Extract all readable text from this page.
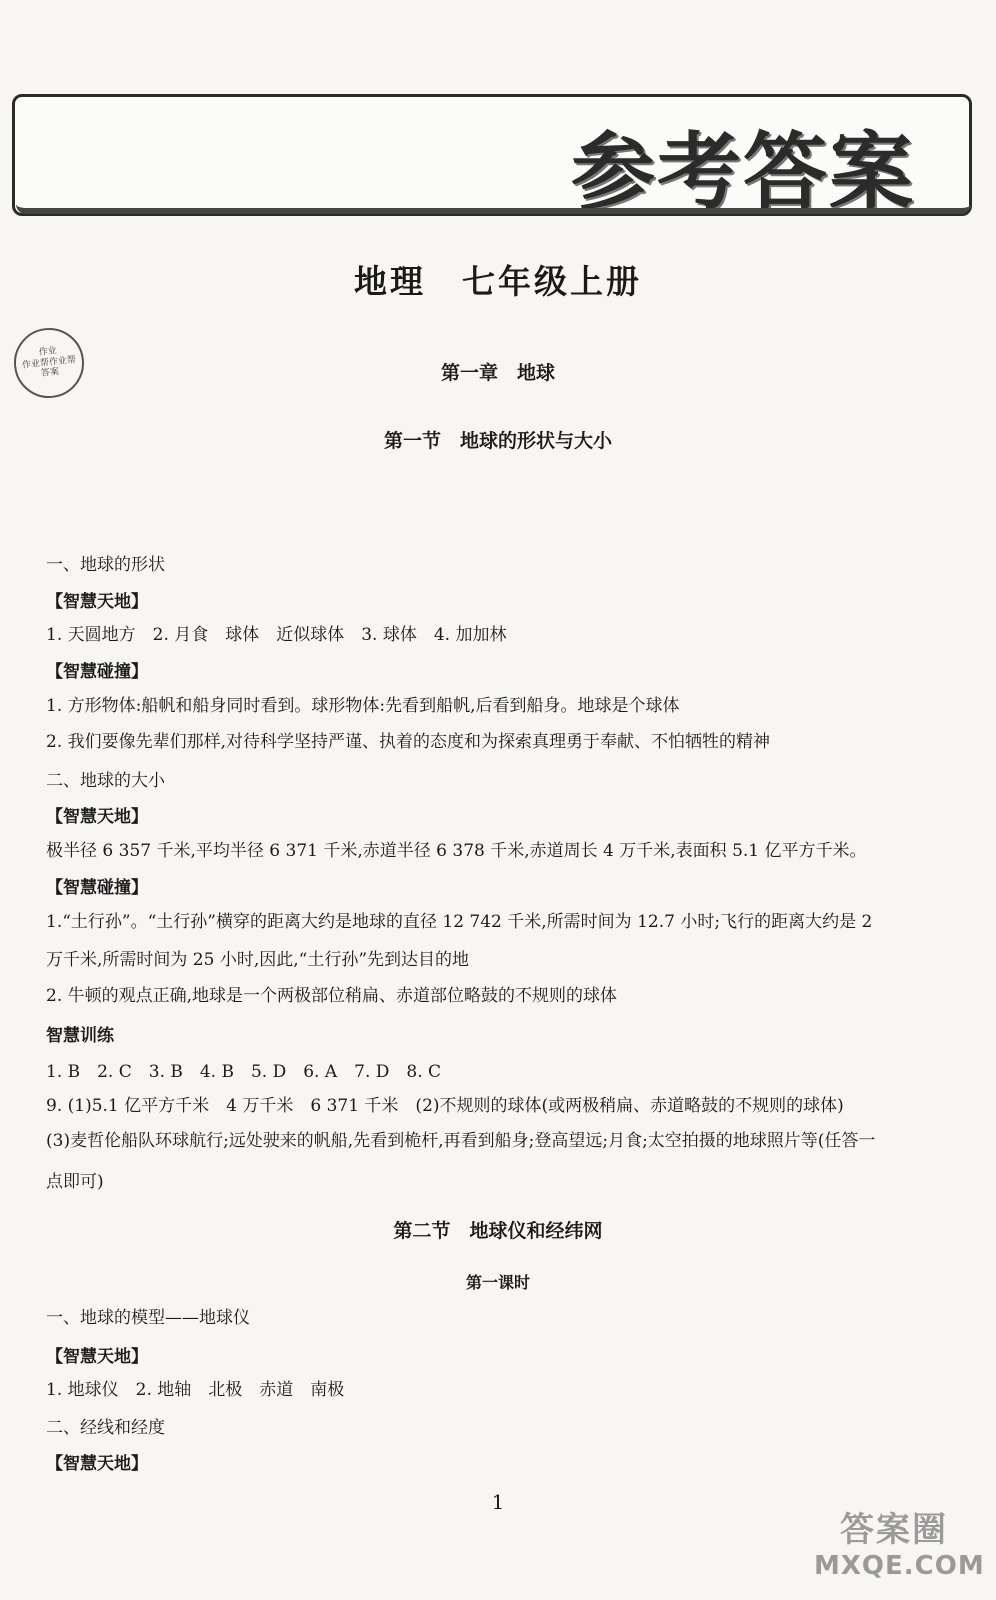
参考答案
作业
作业帮作业帮
答案
地理　七年级上册
第一章　地球
第一节　地球的形状与大小
一、地球的形状
【智慧天地】
1. 天圆地方　2. 月食　球体　近似球体　3. 球体　4. 加加林
【智慧碰撞】
1. 方形物体:船帆和船身同时看到。球形物体:先看到船帆,后看到船身。地球是个球体
2. 我们要像先辈们那样,对待科学坚持严谨、执着的态度和为探索真理勇于奉献、不怕牺牲的精神
二、地球的大小
【智慧天地】
极半径 6 357 千米,平均半径 6 371 千米,赤道半径 6 378 千米,赤道周长 4 万千米,表面积 5.1 亿平方千米。
【智慧碰撞】
1.“土行孙”。“土行孙”横穿的距离大约是地球的直径 12 742 千米,所需时间为 12.7 小时;飞行的距离大约是 2
万千米,所需时间为 25 小时,因此,“土行孙”先到达目的地
2. 牛顿的观点正确,地球是一个两极部位稍扁、赤道部位略鼓的不规则的球体
智慧训练
1. B　2. C　3. B　4. B　5. D　6. A　7. D　8. C
9. (1)5.1 亿平方千米　4 万千米　6 371 千米　(2)不规则的球体(或两极稍扁、赤道略鼓的不规则的球体)
(3)麦哲伦船队环球航行;远处驶来的帆船,先看到桅杆,再看到船身;登高望远;月食;太空拍摄的地球照片等(任答一
点即可)
第二节　地球仪和经纬网
第一课时
一、地球的模型——地球仪
【智慧天地】
1. 地球仪　2. 地轴　北极　赤道　南极
二、经线和经度
【智慧天地】
1
答案圈
MXQE.COM
